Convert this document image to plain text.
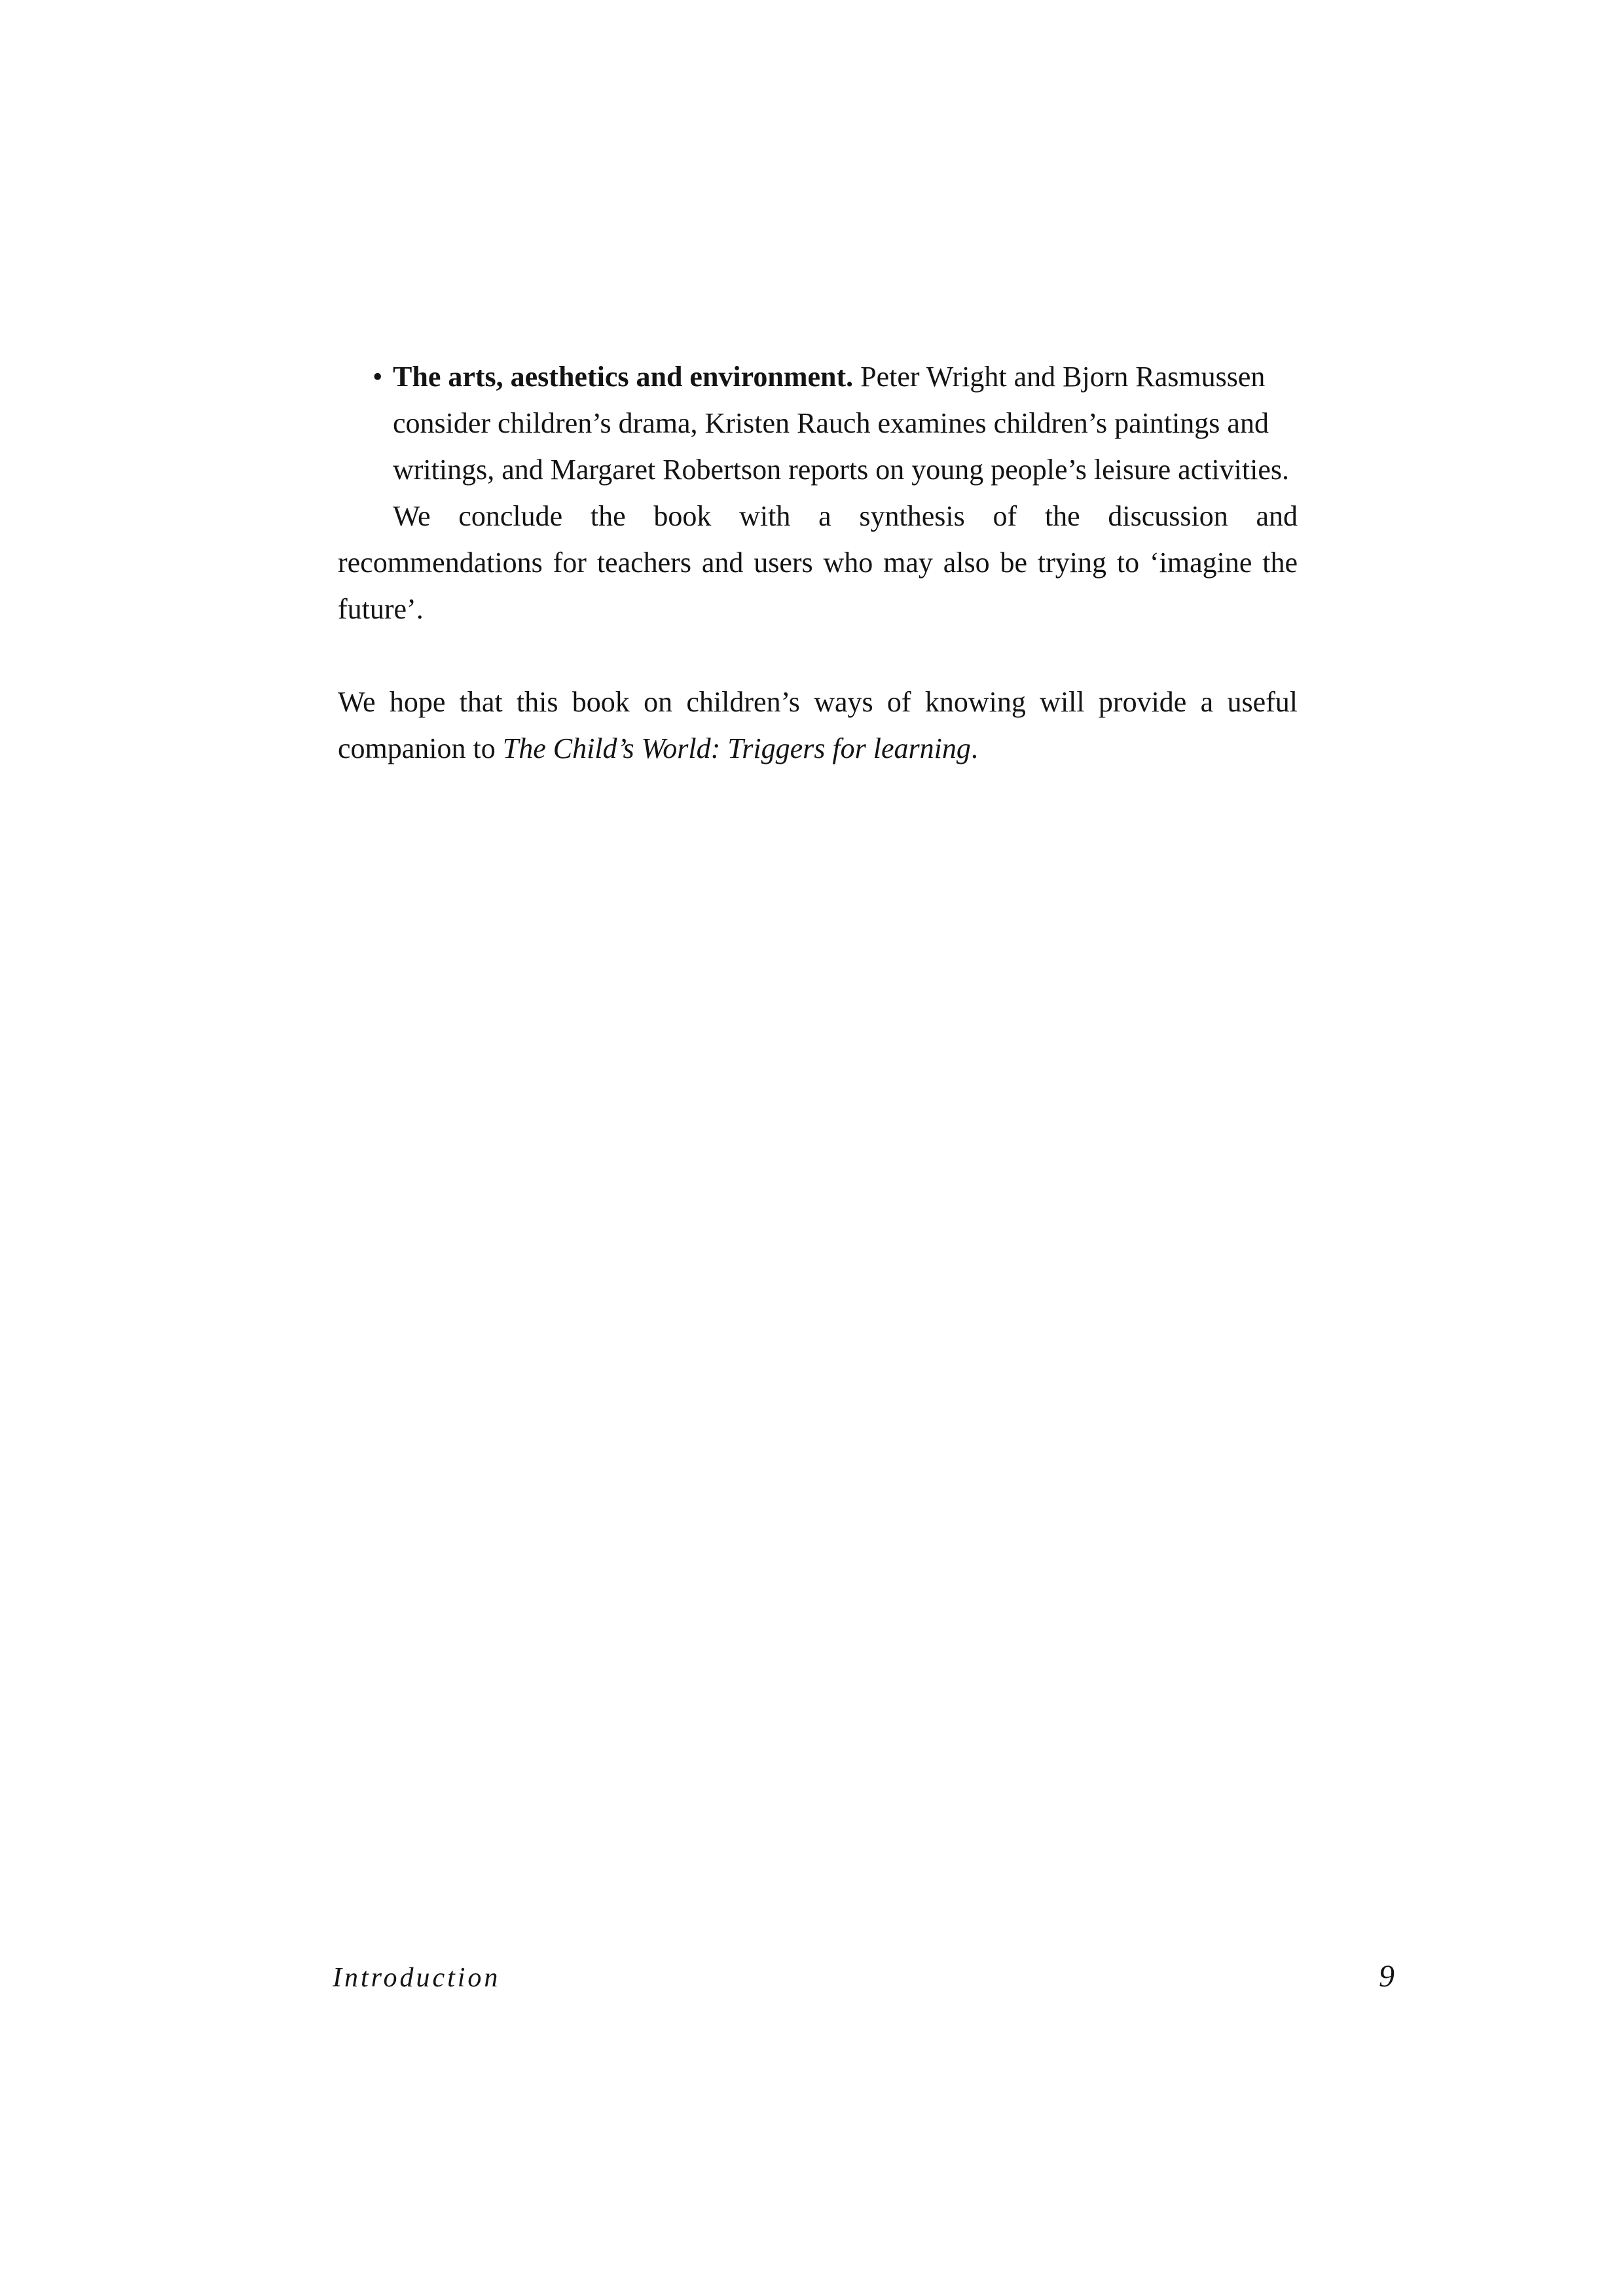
• The arts, aesthetics and environment. Peter Wright and Bjorn Rasmussen consider children’s drama, Kristen Rauch examines children’s paintings and writings, and Margaret Robertson reports on young people’s leisure activities.

We conclude the book with a synthesis of the discussion and recommendations for teachers and users who may also be trying to ‘imagine the future’.

We hope that this book on children’s ways of knowing will provide a useful companion to The Child’s World: Triggers for learning.

Introduction	9
